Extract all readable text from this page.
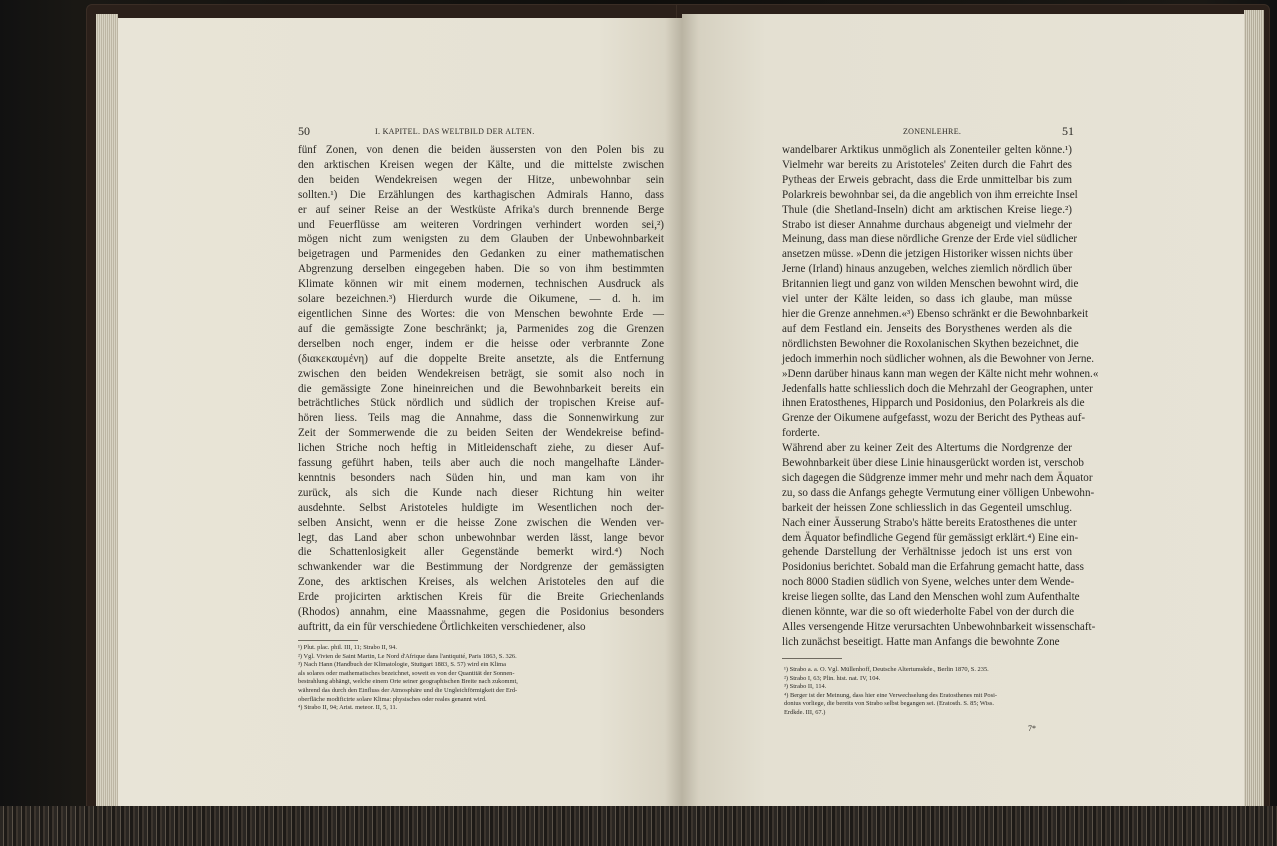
50	I. KAPITEL. DAS WELTBILD DER ALTEN.
fünf Zonen, von denen die beiden äussersten von den Polen bis zu
den arktischen Kreisen wegen der Kälte, und die mittelste zwischen
den beiden Wendekreisen wegen der Hitze, unbewohnbar sein
sollten.¹) Die Erzählungen des karthagischen Admirals Hanno, dass
er auf seiner Reise an der Westküste Afrika's durch brennende Berge
und Feuerflüsse am weiteren Vordringen verhindert worden sei,²)
mögen nicht zum wenigsten zu dem Glauben der Unbewohnbarkeit
beigetragen und Parmenides den Gedanken zu einer mathematischen
Abgrenzung derselben eingegeben haben. Die so von ihm bestimmten
Klimate können wir mit einem modernen, technischen Ausdruck als
solare bezeichnen.³) Hierdurch wurde die Oikumene, — d. h. im
eigentlichen Sinne des Wortes: die von Menschen bewohnte Erde —
auf die gemässigte Zone beschränkt; ja, Parmenides zog die Grenzen
derselben noch enger, indem er die heisse oder verbrannte Zone
(διακεκαυμένη) auf die doppelte Breite ansetzte, als die Entfernung
zwischen den beiden Wendekreisen beträgt, sie somit also noch in
die gemässigte Zone hineinreichen und die Bewohnbarkeit bereits ein
beträchtliches Stück nördlich und südlich der tropischen Kreise auf-
hören liess. Teils mag die Annahme, dass die Sonnenwirkung zur
Zeit der Sommerwende die zu beiden Seiten der Wendekreise befind-
lichen Striche noch heftig in Mitleidenschaft ziehe, zu dieser Auf-
fassung geführt haben, teils aber auch die noch mangelhafte Länder-
kenntnis besonders nach Süden hin, und man kam von ihr
zurück, als sich die Kunde nach dieser Richtung hin weiter
ausdehnte. Selbst Aristoteles huldigte im Wesentlichen noch der-
selben Ansicht, wenn er die heisse Zone zwischen die Wenden ver-
legt, das Land aber schon unbewohnbar werden lässt, lange bevor
die Schattenlosigkeit aller Gegenstände bemerkt wird.⁴) Noch
schwankender war die Bestimmung der Nordgrenze der gemässigten
Zone, des arktischen Kreises, als welchen Aristoteles den auf die
Erde projicirten arktischen Kreis für die Breite Griechenlands
(Rhodos) annahm, eine Maassnahme, gegen die Posidonius besonders
auftritt, da ein für verschiedene Örtlichkeiten verschiedener, also
¹) Plut. plac. phil. III, 11; Strabo II, 94.
²) Vgl. Vivien de Saint Martin, Le Nord d'Afrique dans l'antiquité, Paris 1863, S. 326.
³) Nach Hann (Handbuch der Klimatologie, Stuttgart 1883, S. 57) wird ein Klima
als solares oder mathematisches bezeichnet, soweit es von der Quantität der Sonnen-
bestrahlung abhängt, welche einem Orte seiner geographischen Breite nach zukommt,
während das durch den Einfluss der Atmosphäre und die Ungleichförmigkeit der Erd-
oberfläche modificirte solare Klima: physisches oder reales genannt wird.
⁴) Strabo II, 94; Arist. meteor. II, 5, 11.
ZONENLEHRE.	51
wandelbarer Arktikus unmöglich als Zonenteiler gelten könne.¹)
Vielmehr war bereits zu Aristoteles' Zeiten durch die Fahrt des
Pytheas der Erweis gebracht, dass die Erde unmittelbar bis zum
Polarkreis bewohnbar sei, da die angeblich von ihm erreichte Insel
Thule (die Shetland-Inseln) dicht am arktischen Kreise liege.²)
Strabo ist dieser Annahme durchaus abgeneigt und vielmehr der
Meinung, dass man diese nördliche Grenze der Erde viel südlicher
ansetzen müsse. »Denn die jetzigen Historiker wissen nichts über
Jerne (Irland) hinaus anzugeben, welches ziemlich nördlich über
Britannien liegt und ganz von wilden Menschen bewohnt wird, die
viel unter der Kälte leiden, so dass ich glaube, man müsse
hier die Grenze annehmen.«³) Ebenso schränkt er die Bewohnbarkeit
auf dem Festland ein. Jenseits des Borysthenes werden als die
nördlichsten Bewohner die Roxolanischen Skythen bezeichnet, die
jedoch immerhin noch südlicher wohnen, als die Bewohner von Jerne.
»Denn darüber hinaus kann man wegen der Kälte nicht mehr wohnen.«
Jedenfalls hatte schliesslich doch die Mehrzahl der Geographen, unter
ihnen Eratosthenes, Hipparch und Posidonius, den Polarkreis als die
Grenze der Oikumene aufgefasst, wozu der Bericht des Pytheas auf-
forderte.
Während aber zu keiner Zeit des Altertums die Nordgrenze der
Bewohnbarkeit über diese Linie hinausgerückt worden ist, verschob
sich dagegen die Südgrenze immer mehr und mehr nach dem Äquator
zu, so dass die Anfangs gehegte Vermutung einer völligen Unbewohn-
barkeit der heissen Zone schliesslich in das Gegenteil umschlug.
Nach einer Äusserung Strabo's hätte bereits Eratosthenes die unter
dem Äquator befindliche Gegend für gemässigt erklärt.⁴) Eine ein-
gehende Darstellung der Verhältnisse jedoch ist uns erst von
Posidonius berichtet. Sobald man die Erfahrung gemacht hatte, dass
noch 8000 Stadien südlich von Syene, welches unter dem Wende-
kreise liegen sollte, das Land den Menschen wohl zum Aufenthalte
dienen könnte, war die so oft wiederholte Fabel von der durch die
Alles versengende Hitze verursachten Unbewohnbarkeit wissenschaft-
lich zunächst beseitigt. Hatte man Anfangs die bewohnte Zone
¹) Strabo a. a. O. Vgl. Müllenhoff, Deutsche Altertumskde., Berlin 1870, S. 235.
²) Strabo I, 63; Plin. hist. nat. IV, 104.
³) Strabo II, 114.
⁴) Berger ist der Meinung, dass hier eine Verwechselung des Eratosthenes mit Posi-
donius vorliege, die bereits von Strabo selbst begangen sei. (Eratosth. S. 85; Wiss.
Erdkde. III, 67.)
7*
